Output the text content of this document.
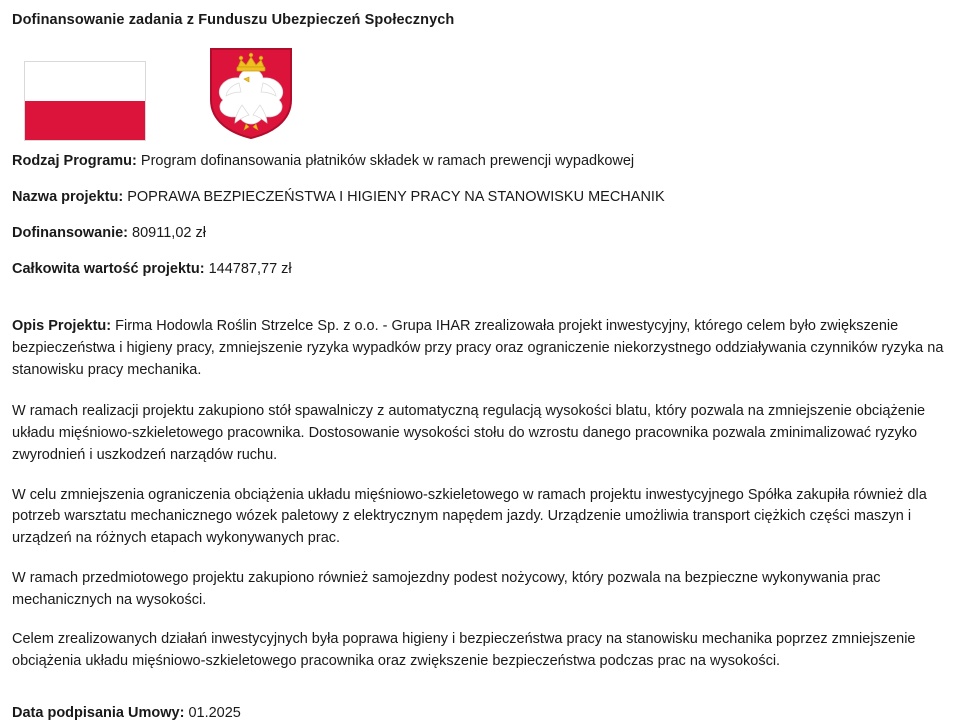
Dofinansowanie zadania z Funduszu Ubezpieczeń Społecznych

Rodzaj Programu: Program dofinansowania płatników składek w ramach prewencji wypadkowej

Nazwa projektu: POPRAWA BEZPIECZEŃSTWA I HIGIENY PRACY NA STANOWISKU MECHANIK

Dofinansowanie: 80911,02 zł

Całkowita wartość projektu: 144787,77 zł

Opis Projektu: Firma Hodowla Roślin Strzelce Sp. z o.o. - Grupa IHAR zrealizowała projekt inwestycyjny, którego celem było zwiększenie bezpieczeństwa i higieny pracy, zmniejszenie ryzyka wypadków przy pracy oraz ograniczenie niekorzystnego oddziaływania czynników ryzyka na stanowisku pracy mechanika.

W ramach realizacji projektu zakupiono stół spawalniczy z automatyczną regulacją wysokości blatu, który pozwala na zmniejszenie obciążenie układu mięśniowo-szkieletowego pracownika. Dostosowanie wysokości stołu do wzrostu danego pracownika pozwala zminimalizować ryzyko zwyrodnień i uszkodzeń narządów ruchu.

W celu zmniejszenia ograniczenia obciążenia układu mięśniowo-szkieletowego w ramach projektu inwestycyjnego Spółka zakupiła również dla potrzeb warsztatu mechanicznego wózek paletowy z elektrycznym napędem jazdy. Urządzenie umożliwia transport ciężkich części maszyn i urządzeń na różnych etapach wykonywanych prac.

W ramach przedmiotowego projektu zakupiono również samojezdny podest nożycowy, który pozwala na bezpieczne wykonywania prac mechanicznych na wysokości.

Celem zrealizowanych działań inwestycyjnych była poprawa higieny i bezpieczeństwa pracy na stanowisku mechanika poprzez zmniejszenie obciążenia układu mięśniowo-szkieletowego pracownika oraz zwiększenie bezpieczeństwa podczas prac na wysokości.

Data podpisania Umowy: 01.2025
